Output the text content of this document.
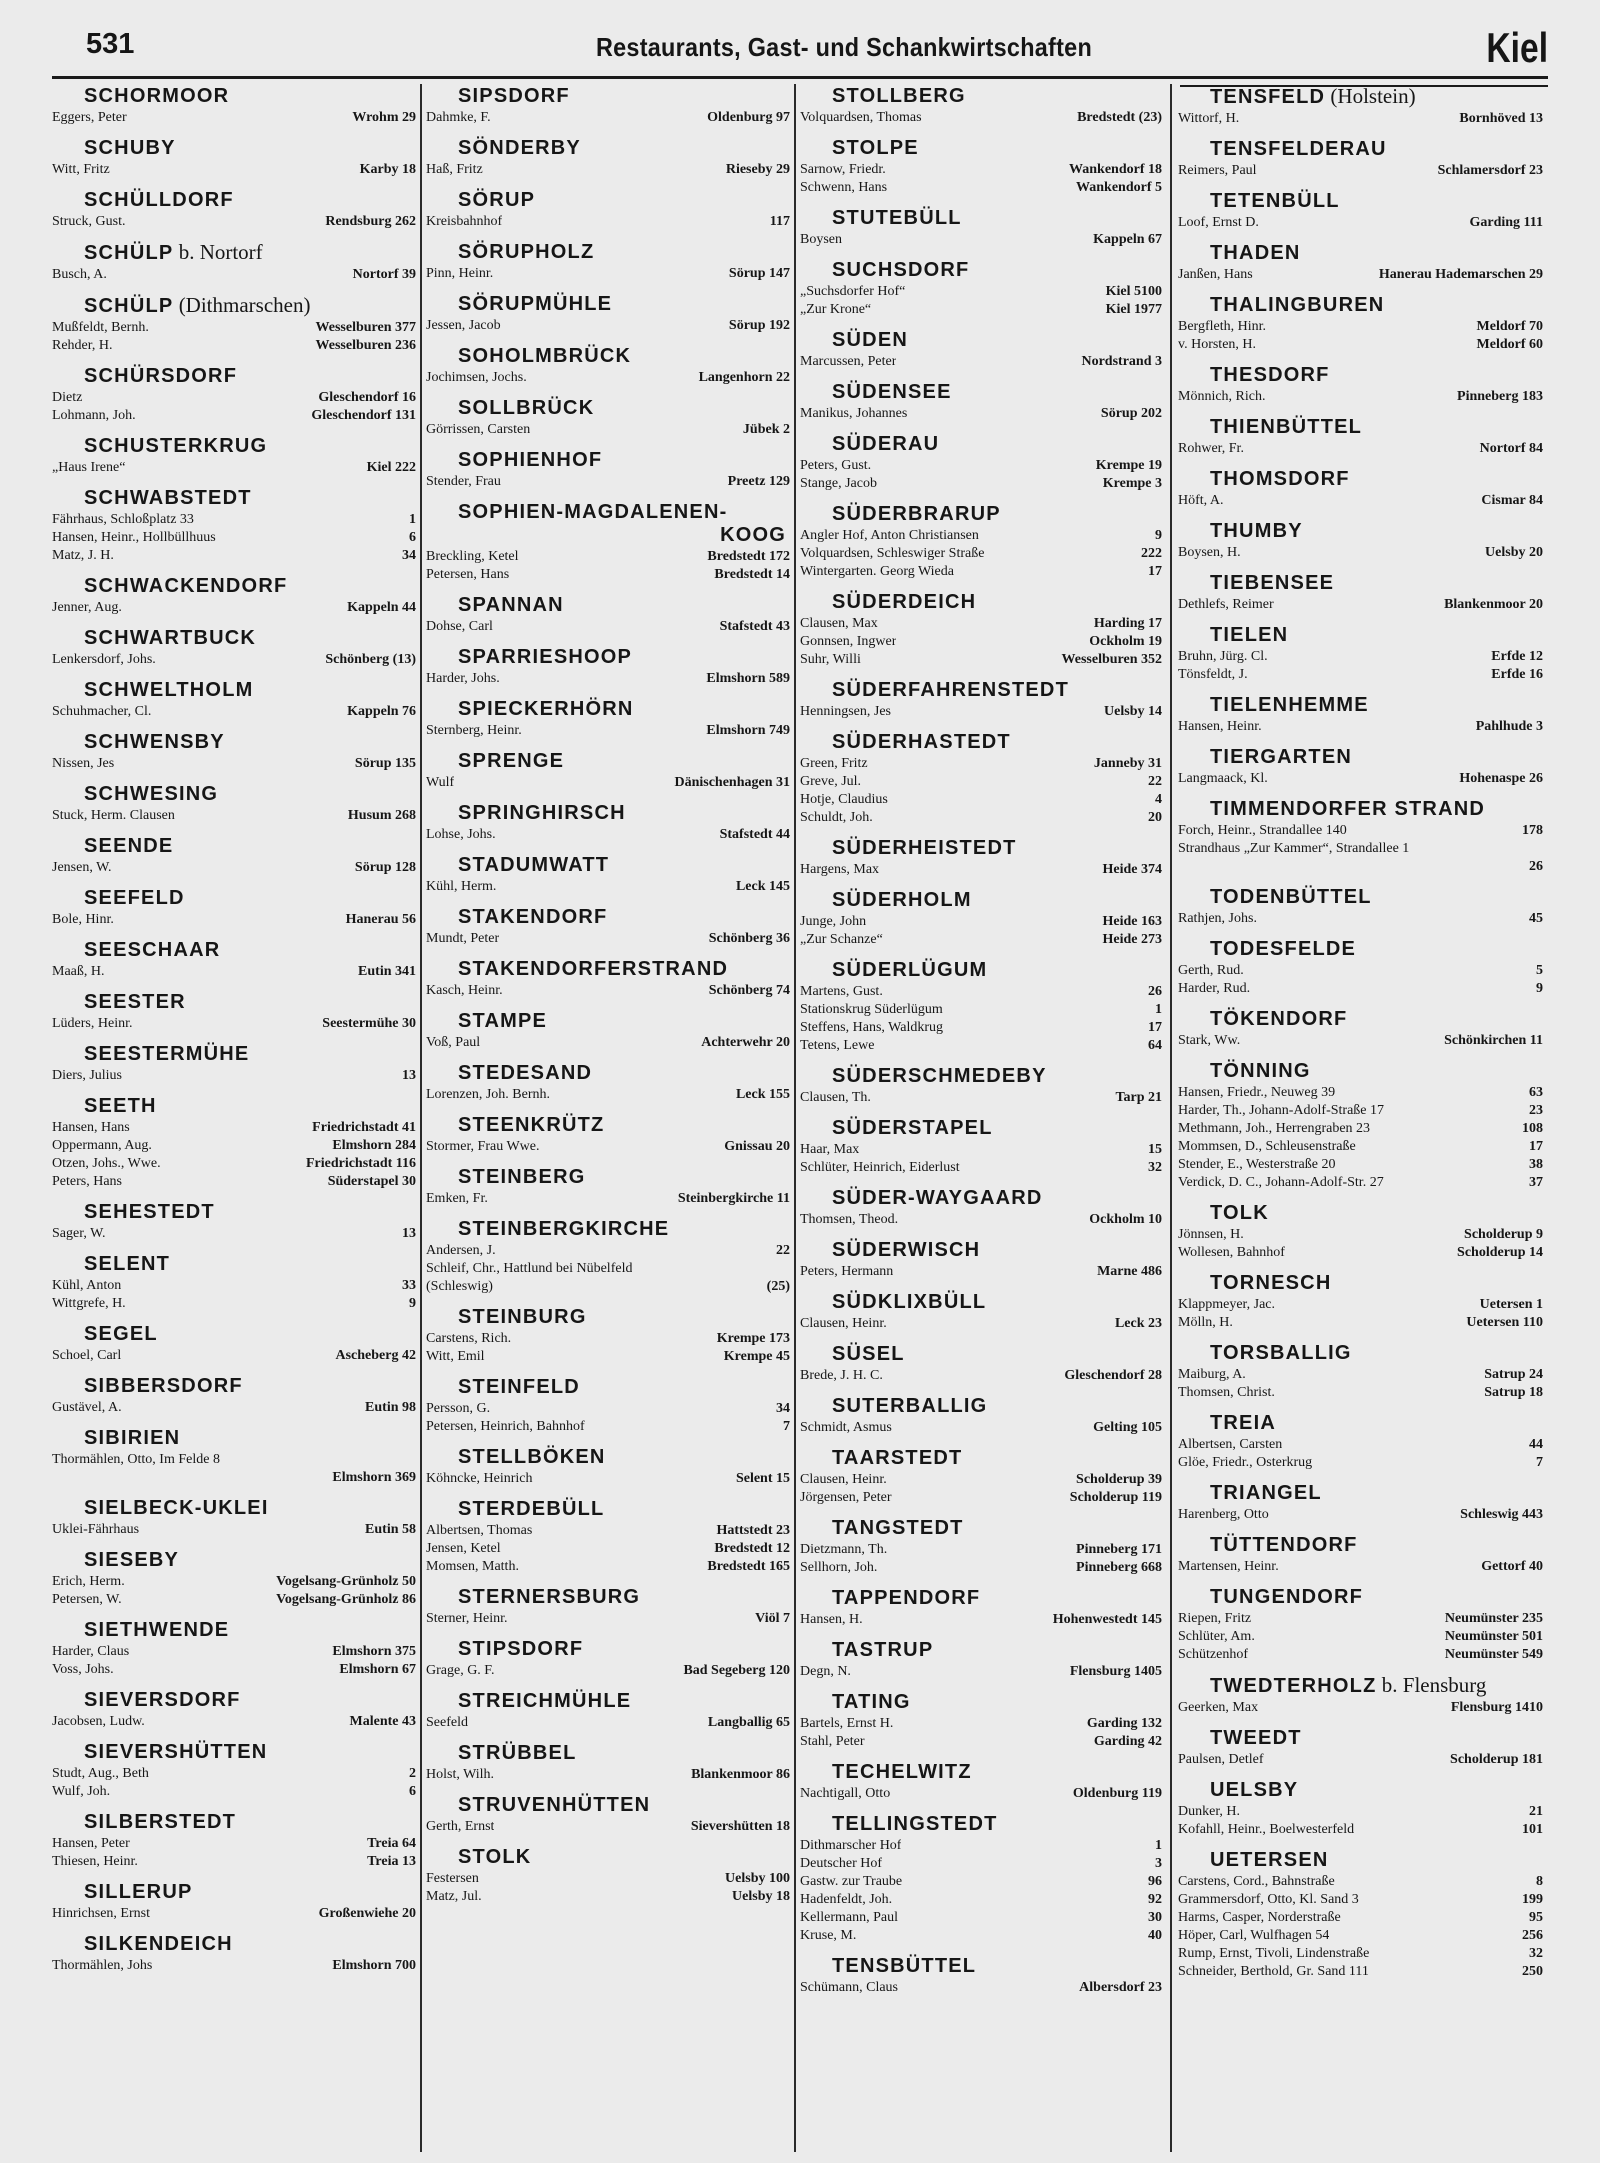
531	Restaurants, Gast- und Schankwirtschaften	Kiel
SCHORMOOR
Eggers, Peter	Wrohm 29
SCHUBY
Witt, Fritz	Karby 18
SCHÜLLDORF
Struck, Gust.	Rendsburg 262
SCHÜLP b. Nortorf
Busch, A.	Nortorf 39
SCHÜLP (Dithmarschen)
Mußfeldt, Bernh.	Wesselburen 377
Rehder, H.	Wesselburen 236
SCHÜRSDORF
Dietz	Gleschendorf 16
Lohmann, Joh.	Gleschendorf 131
SCHUSTERKRUG
„Haus Irene“	Kiel 222
SCHWABSTEDT
Fährhaus, Schloßplatz 33	1
Hansen, Heinr., Hollbüllhuus	6
Matz, J. H.	34
SCHWACKENDORF
Jenner, Aug.	Kappeln 44
SCHWARTBUCK
Lenkersdorf, Johs.	Schönberg (13)
SCHWELTHOLM
Schuhmacher, Cl.	Kappeln 76
SCHWENSBY
Nissen, Jes	Sörup 135
SCHWESING
Stuck, Herm. Clausen	Husum 268
SEENDE
Jensen, W.	Sörup 128
SEEFELD
Bole, Hinr.	Hanerau 56
SEESCHAAR
Maaß, H.	Eutin 341
SEESTER
Lüders, Heinr.	Seestermühe 30
SEESTERMÜHE
Diers, Julius	13
SEETH
Hansen, Hans	Friedrichstadt 41
Oppermann, Aug.	Elmshorn 284
Otzen, Johs., Wwe.	Friedrichstadt 116
Peters, Hans	Süderstapel 30
SEHESTEDT
Sager, W.	13
SELENT
Kühl, Anton	33
Wittgrefe, H.	9
SEGEL
Schoel, Carl	Ascheberg 42
SIBBERSDORF
Gustävel, A.	Eutin 98
SIBIRIEN
Thormählen, Otto, Im Felde 8
Elmshorn 369
SIELBECK-UKLEI
Uklei-Fährhaus	Eutin 58
SIESEBY
Erich, Herm.	Vogelsang-Grünholz 50
Petersen, W.	Vogelsang-Grünholz 86
SIETHWENDE
Harder, Claus	Elmshorn 375
Voss, Johs.	Elmshorn 67
SIEVERSDORF
Jacobsen, Ludw.	Malente 43
SIEVERSHÜTTEN
Studt, Aug., Beth	2
Wulf, Joh.	6
SILBERSTEDT
Hansen, Peter	Treia 64
Thiesen, Heinr.	Treia 13
SILLERUP
Hinrichsen, Ernst	Großenwiehe 20
SILKENDEICH
Thormählen, Johs	Elmshorn 700
SIPSDORF
Dahmke, F.	Oldenburg 97
SÖNDERBY
Haß, Fritz	Rieseby 29
SÖRUP
Kreisbahnhof	117
SÖRUPHOLZ
Pinn, Heinr.	Sörup 147
SÖRUPMÜHLE
Jessen, Jacob	Sörup 192
SOHOLMBRÜCK
Jochimsen, Jochs.	Langenhorn 22
SOLLBRÜCK
Görrissen, Carsten	Jübek 2
SOPHIENHOF
Stender, Frau	Preetz 129
SOPHIEN-MAGDALENEN-
KOOG
Breckling, Ketel	Bredstedt 172
Petersen, Hans	Bredstedt 14
SPANNAN
Dohse, Carl	Stafstedt 43
SPARRIESHOOP
Harder, Johs.	Elmshorn 589
SPIECKERHÖRN
Sternberg, Heinr.	Elmshorn 749
SPRENGE
Wulf	Dänischenhagen 31
SPRINGHIRSCH
Lohse, Johs.	Stafstedt 44
STADUMWATT
Kühl, Herm.	Leck 145
STAKENDORF
Mundt, Peter	Schönberg 36
STAKENDORFERSTRAND
Kasch, Heinr.	Schönberg 74
STAMPE
Voß, Paul	Achterwehr 20
STEDESAND
Lorenzen, Joh. Bernh.	Leck 155
STEENKRÜTZ
Stormer, Frau Wwe.	Gnissau 20
STEINBERG
Emken, Fr.	Steinbergkirche 11
STEINBERGKIRCHE
Andersen, J.	22
Schleif, Chr., Hattlund bei Nübelfeld
(Schleswig)	(25)
STEINBURG
Carstens, Rich.	Krempe 173
Witt, Emil	Krempe 45
STEINFELD
Persson, G.	34
Petersen, Heinrich, Bahnhof	7
STELLBÖKEN
Köhncke, Heinrich	Selent 15
STERDEBÜLL
Albertsen, Thomas	Hattstedt 23
Jensen, Ketel	Bredstedt 12
Momsen, Matth.	Bredstedt 165
STERNERSBURG
Sterner, Heinr.	Viöl 7
STIPSDORF
Grage, G. F.	Bad Segeberg 120
STREICHMÜHLE
Seefeld	Langballig 65
STRÜBBEL
Holst, Wilh.	Blankenmoor 86
STRUVENHÜTTEN
Gerth, Ernst	Sievershütten 18
STOLK
Festersen	Uelsby 100
Matz, Jul.	Uelsby 18
STOLLBERG
Volquardsen, Thomas	Bredstedt (23)
STOLPE
Sarnow, Friedr.	Wankendorf 18
Schwenn, Hans	Wankendorf 5
STUTEBÜLL
Boysen	Kappeln 67
SUCHSDORF
„Suchsdorfer Hof“	Kiel 5100
„Zur Krone“	Kiel 1977
SÜDEN
Marcussen, Peter	Nordstrand 3
SÜDENSEE
Manikus, Johannes	Sörup 202
SÜDERAU
Peters, Gust.	Krempe 19
Stange, Jacob	Krempe 3
SÜDERBRARUP
Angler Hof, Anton Christiansen	9
Volquardsen, Schleswiger Straße	222
Wintergarten. Georg Wieda	17
SÜDERDEICH
Clausen, Max	Harding 17
Gonnsen, Ingwer	Ockholm 19
Suhr, Willi	Wesselburen 352
SÜDERFAHRENSTEDT
Henningsen, Jes	Uelsby 14
SÜDERHASTEDT
Green, Fritz	Janneby 31
Greve, Jul.	22
Hotje, Claudius	4
Schuldt, Joh.	20
SÜDERHEISTEDT
Hargens, Max	Heide 374
SÜDERHOLM
Junge, John	Heide 163
„Zur Schanze“	Heide 273
SÜDERLÜGUM
Martens, Gust.	26
Stationskrug Süderlügum	1
Steffens, Hans, Waldkrug	17
Tetens, Lewe	64
SÜDERSCHMEDEBY
Clausen, Th.	Tarp 21
SÜDERSTAPEL
Haar, Max	15
Schlüter, Heinrich, Eiderlust	32
SÜDER-WAYGAARD
Thomsen, Theod.	Ockholm 10
SÜDERWISCH
Peters, Hermann	Marne 486
SÜDKLIXBÜLL
Clausen, Heinr.	Leck 23
SÜSEL
Brede, J. H. C.	Gleschendorf 28
SUTERBALLIG
Schmidt, Asmus	Gelting 105
TAARSTEDT
Clausen, Heinr.	Scholderup 39
Jörgensen, Peter	Scholderup 119
TANGSTEDT
Dietzmann, Th.	Pinneberg 171
Sellhorn, Joh.	Pinneberg 668
TAPPENDORF
Hansen, H.	Hohenwestedt 145
TASTRUP
Degn, N.	Flensburg 1405
TATING
Bartels, Ernst H.	Garding 132
Stahl, Peter	Garding 42
TECHELWITZ
Nachtigall, Otto	Oldenburg 119
TELLINGSTEDT
Dithmarscher Hof	1
Deutscher Hof	3
Gastw. zur Traube	96
Hadenfeldt, Joh.	92
Kellermann, Paul	30
Kruse, M.	40
TENSBÜTTEL
Schümann, Claus	Albersdorf 23
TENSFELD (Holstein)
Wittorf, H.	Bornhöved 13
TENSFELDERAU
Reimers, Paul	Schlamersdorf 23
TETENBÜLL
Loof, Ernst D.	Garding 111
THADEN
Janßen, Hans	Hanerau Hademarschen 29
THALINGBUREN
Bergfleth, Hinr.	Meldorf 70
v. Horsten, H.	Meldorf 60
THESDORF
Mönnich, Rich.	Pinneberg 183
THIENBÜTTEL
Rohwer, Fr.	Nortorf 84
THOMSDORF
Höft, A.	Cismar 84
THUMBY
Boysen, H.	Uelsby 20
TIEBENSEE
Dethlefs, Reimer	Blankenmoor 20
TIELEN
Bruhn, Jürg. Cl.	Erfde 12
Tönsfeldt, J.	Erfde 16
TIELENHEMME
Hansen, Heinr.	Pahlhude 3
TIERGARTEN
Langmaack, Kl.	Hohenaspe 26
TIMMENDORFER STRAND
Forch, Heinr., Strandallee 140	178
Strandhaus „Zur Kammer“, Strandallee 1
26
TODENBÜTTEL
Rathjen, Johs.	45
TODESFELDE
Gerth, Rud.	5
Harder, Rud.	9
TÖKENDORF
Stark, Ww.	Schönkirchen 11
TÖNNING
Hansen, Friedr., Neuweg 39	63
Harder, Th., Johann-Adolf-Straße 17	23
Methmann, Joh., Herrengraben 23	108
Mommsen, D., Schleusenstraße	17
Stender, E., Westerstraße 20	38
Verdick, D. C., Johann-Adolf-Str. 27	37
TOLK
Jönnsen, H.	Scholderup 9
Wollesen, Bahnhof	Scholderup 14
TORNESCH
Klappmeyer, Jac.	Uetersen 1
Mölln, H.	Uetersen 110
TORSBALLIG
Maiburg, A.	Satrup 24
Thomsen, Christ.	Satrup 18
TREIA
Albertsen, Carsten	44
Glöe, Friedr., Osterkrug	7
TRIANGEL
Harenberg, Otto	Schleswig 443
TÜTTENDORF
Martensen, Heinr.	Gettorf 40
TUNGENDORF
Riepen, Fritz	Neumünster 235
Schlüter, Am.	Neumünster 501
Schützenhof	Neumünster 549
TWEDTERHOLZ b. Flensburg
Geerken, Max	Flensburg 1410
TWEEDT
Paulsen, Detlef	Scholderup 181
UELSBY
Dunker, H.	21
Kofahll, Heinr., Boelwesterfeld	101
UETERSEN
Carstens, Cord., Bahnstraße	8
Grammersdorf, Otto, Kl. Sand 3	199
Harms, Casper, Norderstraße	95
Höper, Carl, Wulfhagen 54	256
Rump, Ernst, Tivoli, Lindenstraße	32
Schneider, Berthold, Gr. Sand 111	250
